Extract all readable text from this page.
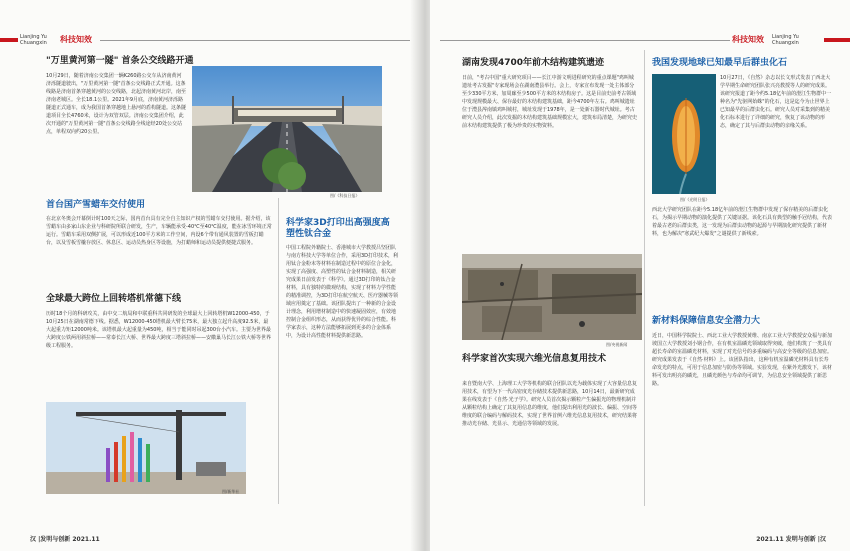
Lianjing Yu Chuangxin	科技知效
"万里黄河第一隧" 首条公交线路开通
10月29日，随着济南公交集团一辆K260路公交车从济南黄河济泺隧道驶出，"万里黄河第一隧"首条公交线路正式开通。这条线路是济南首条穿越黄河的公交线路，北起济南黄河北岸，南至济南老城区。全长18.1公里。2021年9月底，济南黄河济泺路隧道正式通车，成为我国首条穿越地上悬河的盾构隧道。这条隧道项目全长4760米，设计为双管双层。济南公交集团介绍，此次开通的"万里黄河第一隧"首条公交线路全线途经20处公交站点，单程双向约20公里。
图/《科技日报》
首台国产雪蜡车交付使用
在北京冬奥会开幕倒计时100天之际，国内首台具有完全自主知识产权的雪蜡车交付使用。据介绍，该雪蜡车由多家山东企业与科研院所联合研发，生产，车辆能承受-40℃至40℃温度，能在冰雪环境正常运行。雪蜡车采用双侧扩展，可以形成近100平方米的工作空间，内设6个带有通风装置的雪板打蜡台，以及雪板雪橇存放区、休息区、运动员热身区等设施，为打蜡师和运动员提供便捷式服务。
全球最大跨位上回转塔机常德下线
历时18个月的科研攻关，由中交二航局和中联重科共同研发的全球最大上回转塔机W12000-450，于10月25日在湖南常德下线。据悉，W12000-450塔机最大臂长75米，最大独立起升高度92.5米，最大起重力矩12000吨米。该塔机最大起重量为450吨，相当于能同时吊起300台小汽车。主要为世界最大跨度公铁两用斜拉桥——常泰长江大桥、世界最大跨度三塔斜拉桥——安徽巢马长江公铁大桥等世界级工程服务。
图/新华社
科学家3D打印出高强度高塑性钛合金
中国工程院外籍院士、香港城市大学教授吕坚团队与南方科技大学等单位合作，采用3D打印技术，利用钛合金粉末等材料在制造过程中的原位合金化，实现了高强度、高塑性的钛合金材料制造，相关研究成果日前发表于《科学》。通过3D打印的钛合金材料，具有独特的微观结构，实现了材料力学性能的精准调控，为3D打印在航空航天、医疗器械等领域应用奠定了基础。该团队提出了一种新的合金设计理念，利用增材制造中的快速凝固效应，有效地控制合金组织形态，从而获得优异的综合性能。科学家表示，这种方法能够拓展到更多的合金体系中，为设计高性能材料提供新思路。
汉 |发明与创新 2021.11
科技知效 Lianjing Yu Chuangxin
湖南发现4700年前木结构建筑遗迹
日前，"考古中国"重大研究项目——长江中游文明进程研究的重点课题"鸡叫城遗址考古发掘"专家现场会在湖南澧县举行。会上，专家宣布发现一处主体部分至少330平方米、加周廊至少500平方米的木结构房子。这是目前史前考古领域中发现规模最大、保存最好的木结构建筑基础，距今4700年左右。鸡叫城遗址位于澧县涔南镇鸡叫城村，城址发现于1978年，是一处新石器时代城址。考古研究人员介绍，此次发掘的木结构建筑基础规模宏大，建筑布局清楚，为研究史前木结构建筑提供了极为珍贵的实物资料。
图/央视新闻
科学家首次实现六维光信息复用技术
来自暨南大学、上海理工大学等机构的联合团队以光为载体实现了大容量信息复用技术，有望为下一代高密度光存储技术提供新思路，10月14日，最新研究成果在线发表于《自然·光子学》。研究人员首次揭示颗粒产生偏振光的物理机制并从颗粒结构上确定了其复用信息的维度，他们提出利用光的波长、偏振、空间等维度的联合编码与解码技术，实现了世界首例六维光信息复用技术，研究结果将推动光存储、光显示、光通信等领域的发展。
我国发现地球已知最早后群虫化石
10月27日，《自然》杂志以长文形式发表了西北大学早期生命研究团队张兴亮教授等人的研究成果。该研究报道了距今约5.18亿年前的澄江生物群中一种名为"先驱网始蛛"的化石，这是迄今为止世界上已知最早的后群虫化石。研究人员对采集到的精美化石标本进行了详细的研究，恢复了该动物的形态，确定了其与后群虫动物的亲缘关系。
图/《光明日报》
西北大学研究团队在距今5.18亿年前的澄江生物群中发现了保存精美的后群虫化石，为揭示早期动物的演化提供了关键证据。该化石具有典型的触手冠结构，代表着最古老的后群虫类，这一发现为后群虫动物的起源与早期演化研究提供了新材料，也为解决"寒武纪大爆发"之谜提供了新线索。
新材料保障信息安全潜力大
近日，中国科学院院士、西北工业大学教授黄维、南京工业大学教授安众福与新加坡国立大学教授刘小钢合作，在有机室温磷光领域取得突破，他们构筑了一类具有超长寿命的室温磷光材料，实现了对光信号的多重编码与高安全等级的信息加密。研究成果发表于《自然·材料》上。该团队指出，这种有机室温磷光材料具有长寿命发光的特点，可用于信息加密与防伪等领域。实验发现，在紫外光激发下，该材料可发出明亮的磷光，且磷光颜色与寿命均可调节，为信息安全领域提供了新思路。
2021.11 发明与创新 |汉
